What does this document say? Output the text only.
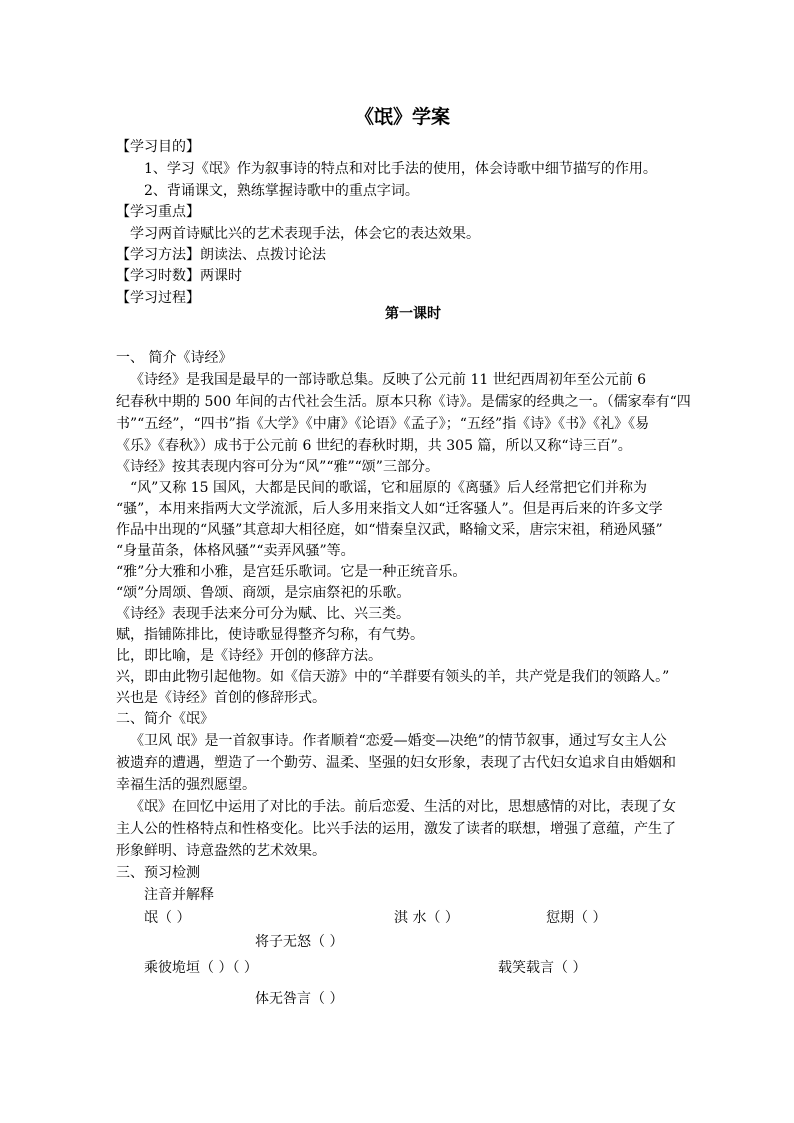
《氓》学案
【学习目的】
1、学习《氓》作为叙事诗的特点和对比手法的使用，体会诗歌中细节描写的作用。
2、背诵课文，熟练掌握诗歌中的重点字词。
【学习重点】
学习两首诗赋比兴的艺术表现手法，体会它的表达效果。
【学习方法】朗读法、点拨讨论法
【学习时数】两课时
【学习过程】
第一课时
一、 简介《诗经》
《诗经》是我国是最早的一部诗歌总集。反映了公元前 11 世纪西周初年至公元前 6
纪春秋中期的 500 年间的古代社会生活。原本只称《诗》。是儒家的经典之一。（儒家奉有“四
书”“五经”，“四书”指《大学》《中庸》《论语》《孟子》；“五经”指《诗》《书》《礼》《易
《乐》《春秋》）成书于公元前 6 世纪的春秋时期，共 305 篇，所以又称“诗三百”。
《诗经》按其表现内容可分为“风”“雅”“颂”三部分。
“风”又称 15 国风，大都是民间的歌谣，它和屈原的《离骚》后人经常把它们并称为
“骚”，本用来指两大文学流派，后人多用来指文人如“迁客骚人”。但是再后来的许多文学
作品中出现的“风骚”其意却大相径庭，如“惜秦皇汉武，略输文采，唐宗宋祖，稍逊风骚”
“身量苗条，体格风骚”“卖弄风骚”等。
“雅”分大雅和小雅，是宫廷乐歌词。它是一种正统音乐。
“颂”分周颂、鲁颂、商颂，是宗庙祭祀的乐歌。
《诗经》表现手法来分可分为赋、比、兴三类。
赋，指铺陈排比，使诗歌显得整齐匀称，有气势。
比，即比喻，是《诗经》开创的修辞方法。
兴，即由此物引起他物。如《信天游》中的“羊群要有领头的羊，共产党是我们的领路人。”
兴也是《诗经》首创的修辞形式。
二、简介《氓》
《卫风 氓》是一首叙事诗。作者顺着“恋爱—婚变—决绝”的情节叙事，通过写女主人公
被遗弃的遭遇，塑造了一个勤劳、温柔、坚强的妇女形象，表现了古代妇女追求自由婚姻和
幸福生活的强烈愿望。
《氓》在回忆中运用了对比的手法。前后恋爱、生活的对比，思想感情的对比，表现了女
主人公的性格特点和性格变化。比兴手法的运用，激发了读者的联想，增强了意蕴，产生了
形象鲜明、诗意盎然的艺术效果。
三、预习检测
注音并解释
氓（ ）	淇 水（ ）	愆期（ ）
将子无怒（ ）
乘彼垝垣（ ）（ ）	载笑载言（ ）
体无咎言（ ）
